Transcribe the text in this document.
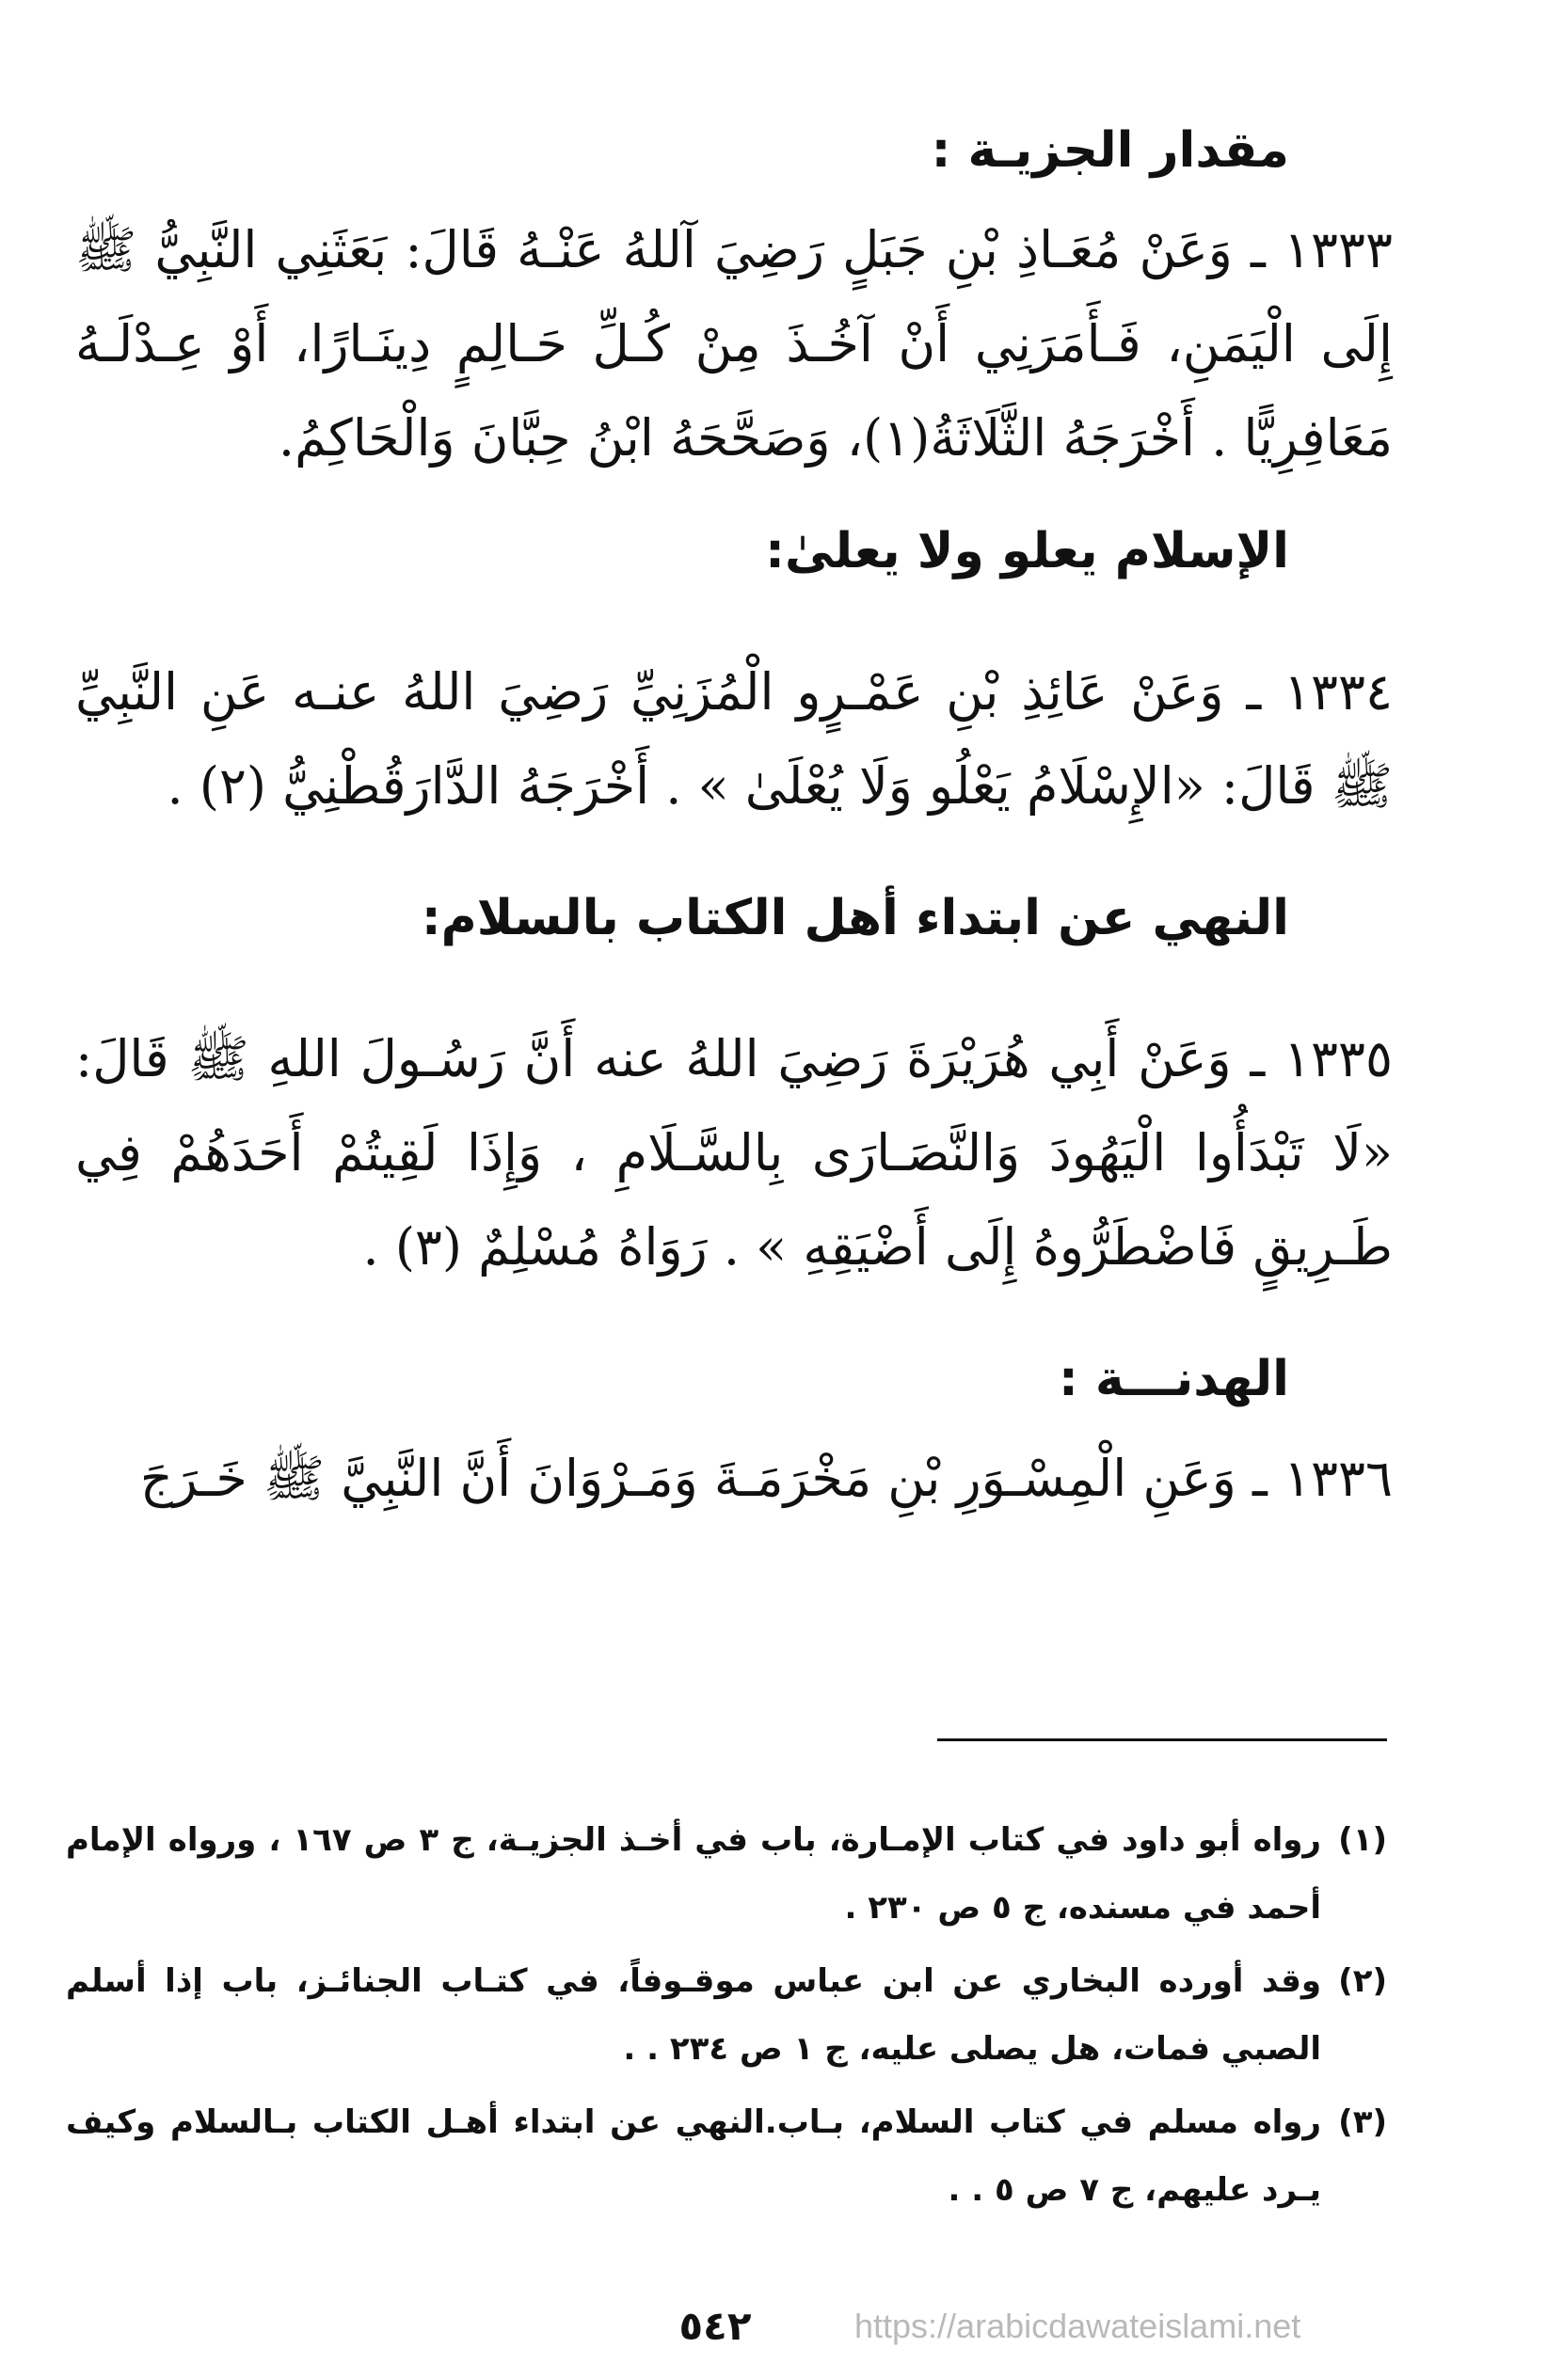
مقدار الجزيـة :

١٣٣٣ ـ وَعَنْ مُعَـاذِ بْنِ جَبَلٍ رَضِيَ آللهُ عَنْـهُ قَالَ: بَعَثَنِي النَّبِيُّ ﷺ إِلَى الْيَمَنِ، فَـأَمَرَنِي أَنْ آخُـذَ مِنْ كُـلِّ حَـالِمٍ دِينَـارًا، أَوْ عِـدْلَـهُ مَعَافِرِيًّا . أَخْرَجَهُ الثَّلَاثَةُ(١)، وَصَحَّحَهُ ابْنُ حِبَّانَ وَالْحَاكِمُ.

الإسلام يعلو ولا يعلىٰ:

١٣٣٤ ـ وَعَنْ عَائِذِ بْنِ عَمْـرٍو الْمُزَنِيِّ رَضِيَ اللهُ عنـه عَنِ النَّبِيِّ ﷺ قَالَ: «الإِسْلَامُ يَعْلُو وَلَا يُعْلَىٰ » . أَخْرَجَهُ الدَّارَقُطْنِيُّ (٢) .

النهي عن ابتداء أهل الكتاب بالسلام:

١٣٣٥ ـ وَعَنْ أَبِي هُرَيْرَةَ رَضِيَ اللهُ عنه أَنَّ رَسُـولَ اللهِ ﷺ قَالَ: «لَا تَبْدَأُوا الْيَهُودَ وَالنَّصَـارَى بِالسَّـلَامِ ، وَإِذَا لَقِيتُمْ أَحَدَهُمْ فِي طَـرِيقٍ فَاضْطَرُّوهُ إِلَى أَضْيَقِهِ » . رَوَاهُ مُسْلِمٌ (٣) .

الهدنـــة :

١٣٣٦ ـ وَعَنِ الْمِسْـوَرِ بْنِ مَخْرَمَـةَ وَمَـرْوَانَ أَنَّ النَّبِيَّ ﷺ خَـرَجَ

(١)
رواه أبو داود في كتاب الإمـارة، باب في أخـذ الجزيـة، ج ٣ ص ١٦٧ ، ورواه الإمام أحمد في مسنده، ج ٥ ص ٢٣٠ .
(٢)
وقد أورده البخاري عن ابن عباس موقـوفاً، في كتـاب الجنائـز، باب إذا أسلم الصبي فمات، هل يصلى عليه، ج ١ ص ٢٣٤ . .
(٣)
رواه مسلم في كتاب السلام، بـاب.النهي عن ابتداء أهـل الكتاب بـالسلام وكيف يـرد عليهم، ج ٧ ص ٥ . .
٥٤٢	https://arabicdawateislami.net
